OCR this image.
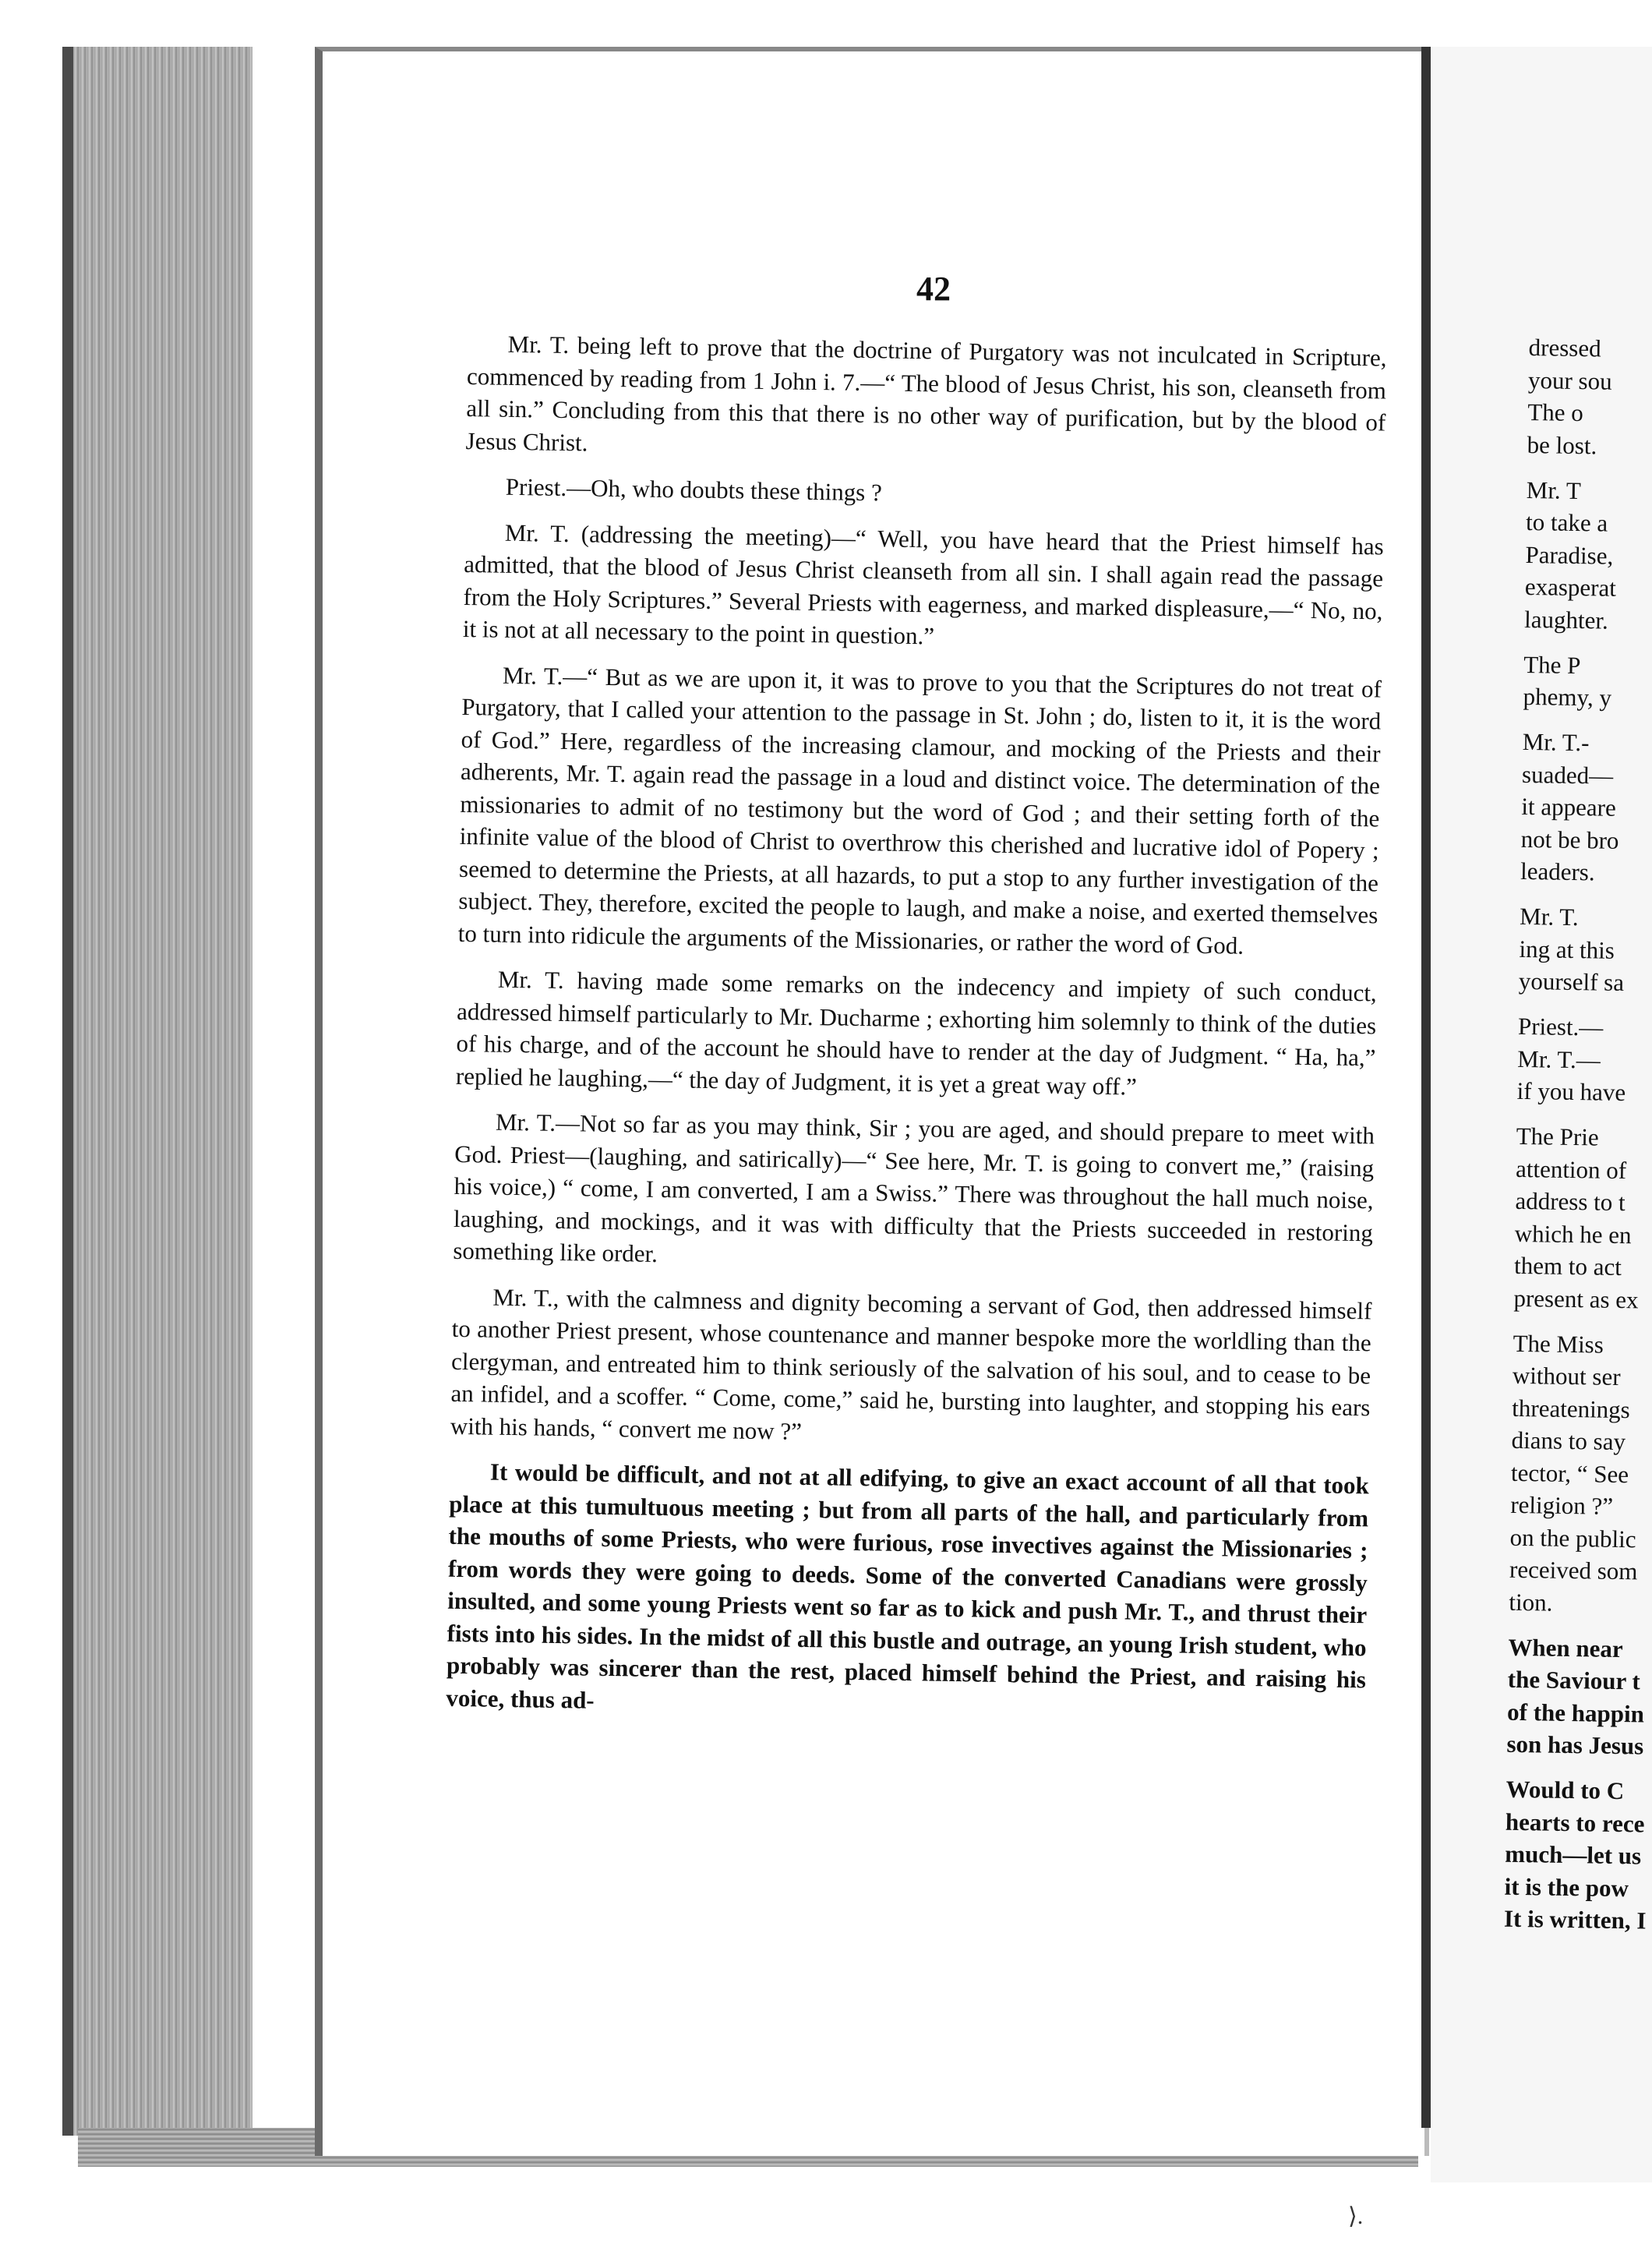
42

Mr. T. being left to prove that the doctrine of Purgatory was not inculcated in Scripture, commenced by reading from 1 John i. 7.—“ The blood of Jesus Christ, his son, cleanseth from all sin.” Concluding from this that there is no other way of purification, but by the blood of Jesus Christ.

Priest.—Oh, who doubts these things ?

Mr. T. (addressing the meeting)—“ Well, you have heard that the Priest himself has admitted, that the blood of Jesus Christ cleanseth from all sin. I shall again read the passage from the Holy Scriptures.” Several Priests with eagerness, and marked displeasure,—“ No, no, it is not at all necessary to the point in question.”

Mr. T.—“ But as we are upon it, it was to prove to you that the Scriptures do not treat of Purgatory, that I called your attention to the passage in St. John ; do, listen to it, it is the word of God.” Here, regardless of the increasing clamour, and mocking of the Priests and their adherents, Mr. T. again read the passage in a loud and distinct voice. The determination of the missionaries to admit of no testimony but the word of God ; and their setting forth of the infinite value of the blood of Christ to overthrow this cherished and lucrative idol of Popery ; seemed to determine the Priests, at all hazards, to put a stop to any further investigation of the subject. They, therefore, excited the people to laugh, and make a noise, and exerted themselves to turn into ridicule the arguments of the Missionaries, or rather the word of God.

Mr. T. having made some remarks on the indecency and impiety of such conduct, addressed himself particularly to Mr. Ducharme ; exhorting him solemnly to think of the duties of his charge, and of the account he should have to render at the day of Judgment. “ Ha, ha,” replied he laughing,—“ the day of Judgment, it is yet a great way off.”

Mr. T.—Not so far as you may think, Sir ; you are aged, and should prepare to meet with God. Priest—(laughing, and satirically)—“ See here, Mr. T. is going to convert me,” (raising his voice,) “ come, I am converted, I am a Swiss.” There was throughout the hall much noise, laughing, and mockings, and it was with difficulty that the Priests succeeded in restoring something like order.

Mr. T., with the calmness and dignity becoming a servant of God, then addressed himself to another Priest present, whose countenance and manner bespoke more the worldling than the clergyman, and entreated him to think seriously of the salvation of his soul, and to cease to be an infidel, and a scoffer. “ Come, come,” said he, bursting into laughter, and stopping his ears with his hands, “ convert me now ?”

It would be difficult, and not at all edifying, to give an exact account of all that took place at this tumultuous meeting ; but from all parts of the hall, and particularly from the mouths of some Priests, who were furious, rose invectives against the Missionaries ; from words they were going to deeds. Some of the converted Canadians were grossly insulted, and some young Priests went so far as to kick and push Mr. T., and thrust their fists into his sides. In the midst of all this bustle and outrage, an young Irish student, who probably was sincerer than the rest, placed himself behind the Priest, and raising his voice, thus ad-

dressed
your sou
The o
be lost.
Mr. T
to take a
Paradise,
exasperat
laughter.
The P
phemy, y
Mr. T.-
suaded—
it appeare
not be bro
leaders.
Mr. T.
ing at this
yourself sa
Priest.—
Mr. T.—
if you have
The Prie
attention of
address to t
which he en
them to act
present as ex
The Miss
without ser
threatenings
dians to say
tector, “ See
religion ?”
on the public
received som
tion.
When near
the Saviour t
of the happin
son has Jesus
Would to C
hearts to rece
much—let us
it is the pow
It is written, I
⟩.
